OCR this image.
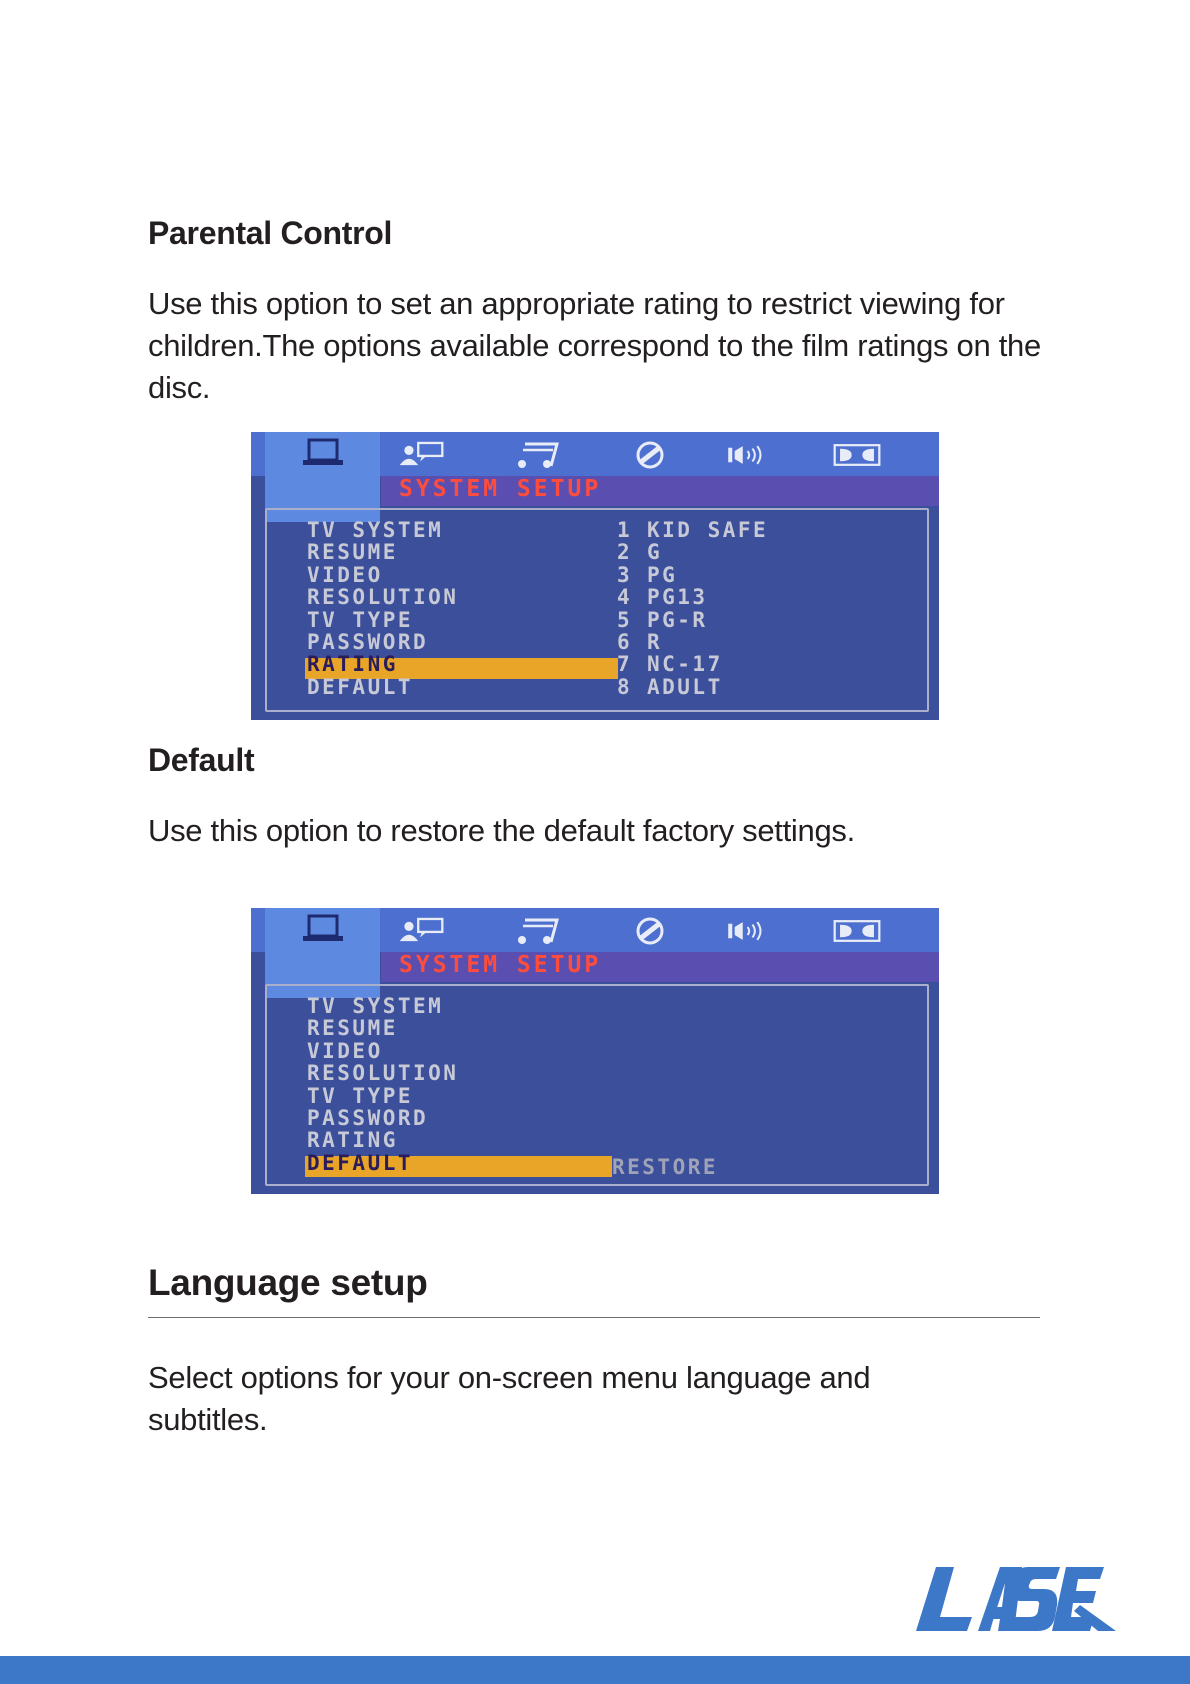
Parental Control

Use this option to set an appropriate rating to restrict viewing for children.The options available correspond to the film ratings on the disc.

SYSTEM SETUP
TV SYSTEM
RESUME
VIDEO
RESOLUTION
TV TYPE
PASSWORD
RATING
DEFAULT
1 KID SAFE
2 G
3 PG
4 PG13
5 PG-R
6 R
7 NC-17
8 ADULT
Default

Use this option to restore the default factory settings.

SYSTEM SETUP
TV SYSTEM
RESUME
VIDEO
RESOLUTION
TV TYPE
PASSWORD
RATING
DEFAULT	RESTORE
Language setup

Select options for your on-screen menu language and subtitles.
